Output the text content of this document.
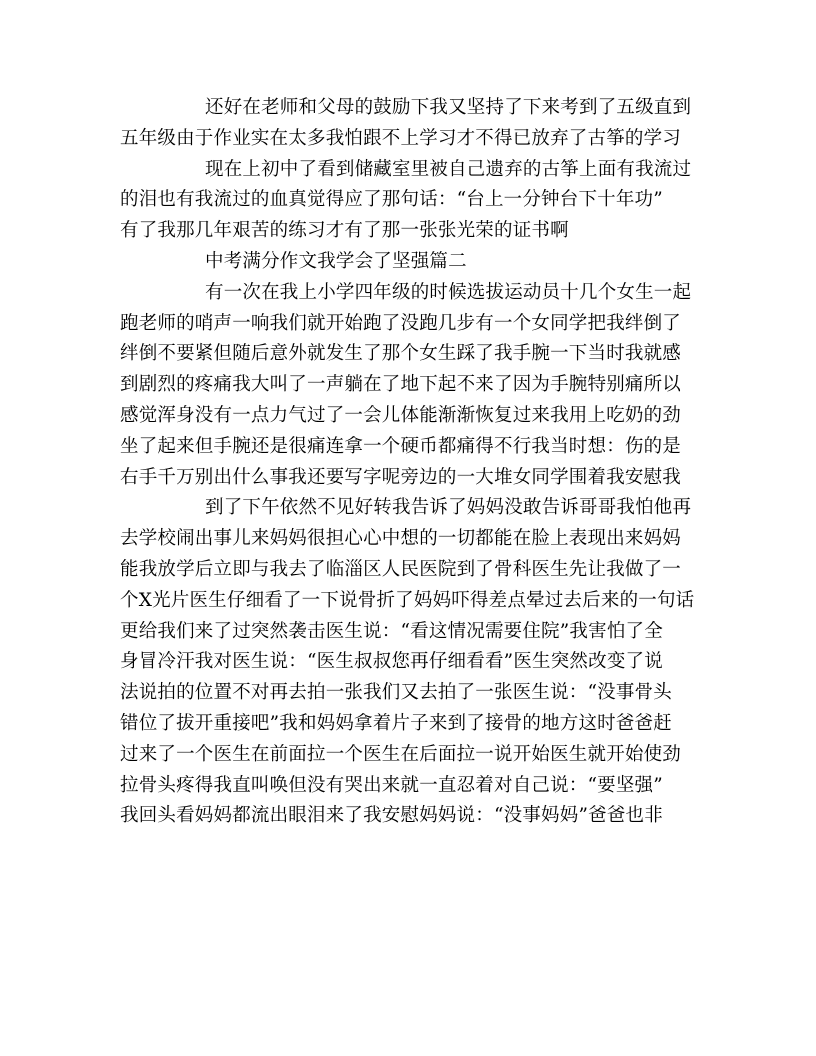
还好在老师和父母的鼓励下我又坚持了下来考到了五级直到
五年级由于作业实在太多我怕跟不上学习才不得已放弃了古筝的学习
现在上初中了看到储藏室里被自己遗弃的古筝上面有我流过
的泪也有我流过的血真觉得应了那句话：“台上一分钟台下十年功”
有了我那几年艰苦的练习才有了那一张张光荣的证书啊
中考满分作文我学会了坚强篇二
有一次在我上小学四年级的时候选拔运动员十几个女生一起
跑老师的哨声一响我们就开始跑了没跑几步有一个女同学把我绊倒了
绊倒不要紧但随后意外就发生了那个女生踩了我手腕一下当时我就感
到剧烈的疼痛我大叫了一声躺在了地下起不来了因为手腕特别痛所以
感觉浑身没有一点力气过了一会儿体能渐渐恢复过来我用上吃奶的劲
坐了起来但手腕还是很痛连拿一个硬币都痛得不行我当时想：伤的是
右手千万别出什么事我还要写字呢旁边的一大堆女同学围着我安慰我
到了下午依然不见好转我告诉了妈妈没敢告诉哥哥我怕他再
去学校闹出事儿来妈妈很担心心中想的一切都能在脸上表现出来妈妈
能我放学后立即与我去了临淄区人民医院到了骨科医生先让我做了一
个X光片医生仔细看了一下说骨折了妈妈吓得差点晕过去后来的一句话
更给我们来了过突然袭击医生说：“看这情况需要住院”我害怕了全
身冒冷汗我对医生说：“医生叔叔您再仔细看看”医生突然改变了说
法说拍的位置不对再去拍一张我们又去拍了一张医生说：“没事骨头
错位了拔开重接吧”我和妈妈拿着片子来到了接骨的地方这时爸爸赶
过来了一个医生在前面拉一个医生在后面拉一说开始医生就开始使劲
拉骨头疼得我直叫唤但没有哭出来就一直忍着对自己说：“要坚强”
我回头看妈妈都流出眼泪来了我安慰妈妈说：“没事妈妈”爸爸也非
